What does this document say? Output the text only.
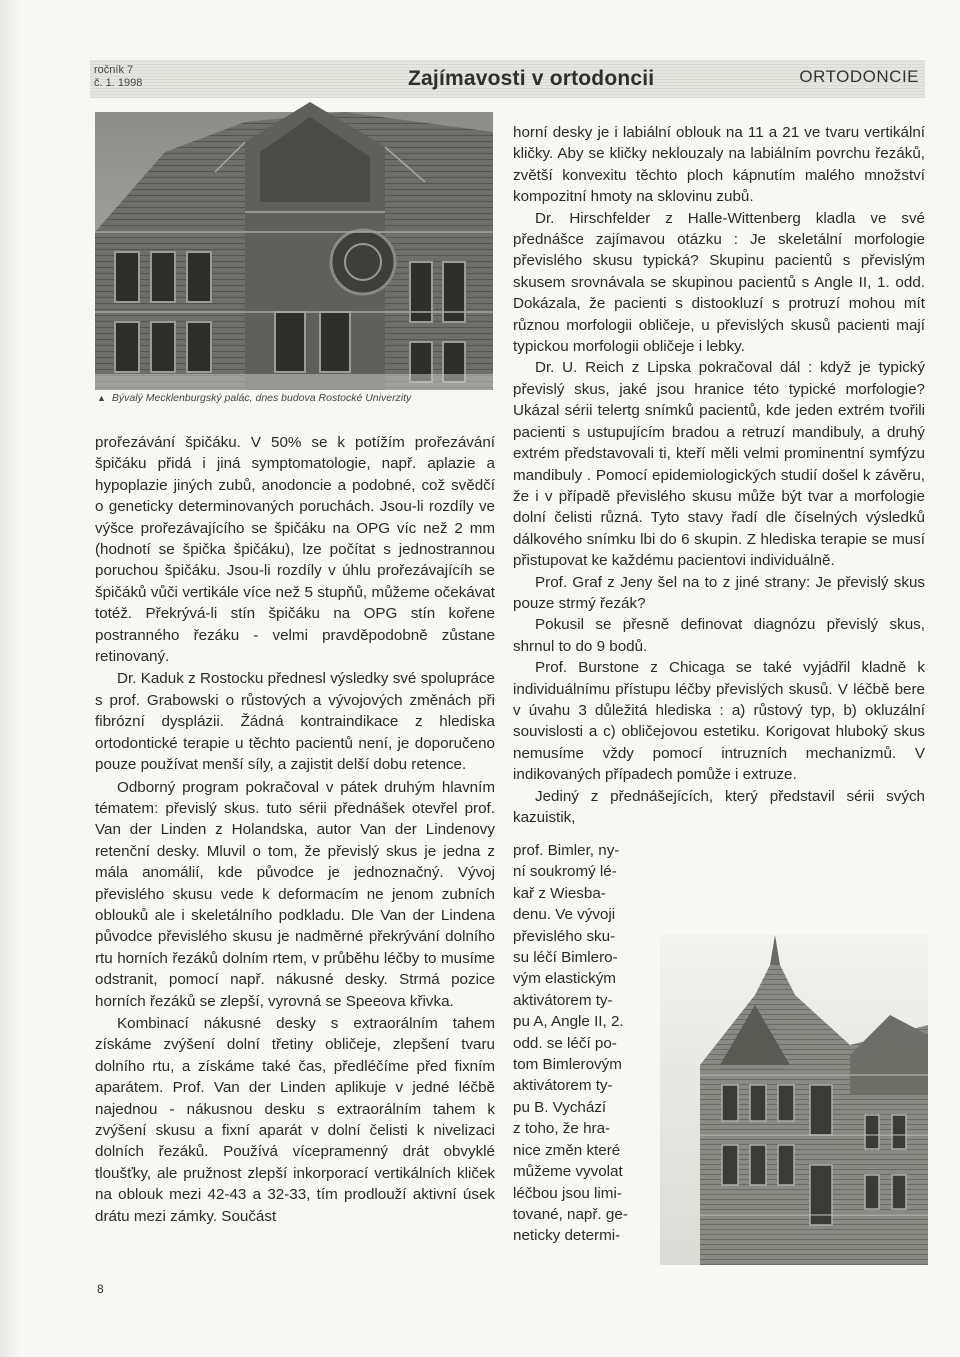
ročník 7
č. 1. 1998	Zajímavosti v ortodoncii	ORTODONCIE
▲ Bývalý Mecklenburgský palác, dnes budova Rostocké Univerzity

prořezávání špičáku. V 50% se k potížím prořezávání špičáku přidá i jiná symptomatologie, např. aplazie a hypoplazie jiných zubů, anodoncie a podobné, což svědčí o geneticky determinovaných poruchách. Jsou-li rozdíly ve výšce prořezávajícího se špičáku na OPG víc než 2 mm (hodnotí se špička špičáku), lze počítat s jednostrannou poruchou špičáku. Jsou-li rozdíly v úhlu prořezávajícíh se špičáků vůči vertikále více než 5 stupňů, můžeme očekávat totéž. Překrývá-li stín špičáku na OPG stín kořene postranného řezáku - velmi pravděpodobně zůstane retinovaný.

Dr. Kaduk z Rostocku přednesl výsledky své spolupráce s prof. Grabowski o růstových a vývojových změnách při fibrózní dysplázii. Žádná kontraindikace z hlediska ortodontické terapie u těchto pacientů není, je doporučeno pouze používat menší síly, a zajistit delší dobu retence.

Odborný program pokračoval v pátek druhým hlavním tématem: převislý skus. tuto sérii přednášek otevřel prof. Van der Linden z Holandska, autor Van der Lindenovy retenční desky. Mluvil o tom, že převislý skus je jedna z mála anomálií, kde původce je jednoznačný. Vývoj převislého skusu vede k deformacím ne jenom zubních oblouků ale i skeletálního podkladu. Dle Van der Lindena původce převislého skusu je nadměrné překrývání dolního rtu horních řezáků dolním rtem, v průběhu léčby to musíme odstranit, pomocí např. nákusné desky. Strmá pozice horních řezáků se zlepší, vyrovná se Speeova křivka.

Kombinací nákusné desky s extraorálním tahem získáme zvýšení dolní třetiny obličeje, zlepšení tvaru dolního rtu, a získáme také čas, předléčíme před fixním aparátem. Prof. Van der Linden aplikuje v jedné léčbě najednou - nákusnou desku s extraorálním tahem k zvýšení skusu a fixní aparát v dolní čelisti k nivelizaci dolních řezáků. Používá vícepramenný drát obvyklé tloušťky, ale pružnost zlepší inkorporací vertikálních kliček na oblouk mezi 42-43 a 32-33, tím prodlouží aktivní úsek drátu mezi zámky. Součást

horní desky je i labiální oblouk na 11 a 21 ve tvaru vertikální kličky. Aby se kličky neklouzaly na labiálním povrchu řezáků, zvětší konvexitu těchto ploch kápnutím malého množství kompozitní hmoty na sklovinu zubů.

Dr. Hirschfelder z Halle-Wittenberg kladla ve své přednášce zajímavou otázku : Je skeletální morfologie převislého skusu typická? Skupinu pacientů s převislým skusem srovnávala se skupinou pacientů s Angle II, 1. odd. Dokázala, že pacienti s distookluzí s protruzí mohou mít různou morfologii obličeje, u převislých skusů pacienti mají typickou morfologii obličeje i lebky.

Dr. U. Reich z Lipska pokračoval dál : když je typický převislý skus, jaké jsou hranice této typické morfologie? Ukázal sérii telertg snímků pacientů, kde jeden extrém tvořili pacienti s ustupujícím bradou a retruzí mandibuly, a druhý extrém představovali ti, kteří měli velmi prominentní symfýzu mandibuly . Pomocí epidemiologických studií došel k závěru, že i v případě převislého skusu může být tvar a morfologie dolní čelisti různá. Tyto stavy řadí dle číselných výsledků dálkového snímku lbi do 6 skupin. Z hlediska terapie se musí přistupovat ke každému pacientovi individuálně.

Prof. Graf z Jeny šel na to z jiné strany: Je převislý skus pouze strmý řezák?

Pokusil se přesně definovat diagnózu převislý skus, shrnul to do 9 bodů.

Prof. Burstone z Chicaga se také vyjádřil kladně k individuálnímu přístupu léčby převislých skusů. V léčbě bere v úvahu 3 důležitá hlediska : a) růstový typ, b) okluzální souvislosti a c) obličejovou estetiku. Korigovat hluboký skus nemusíme vždy pomocí intruzních mechanizmů. V indikovaných případech pomůže i extruze.

Jediný z přednášejících, který představil sérii svých kazuistik,

prof. Bimler, ny-

ní soukromý lé-

kař z Wiesba-

denu. Ve vývoji

převislého sku-

su léčí Bimlero-

vým elastickým

aktivátorem ty-

pu A, Angle II, 2.

odd. se léčí po-

tom Bimlerovým

aktivátorem ty-

pu B. Vychází

z toho, že hra-

nice změn které

můžeme vyvolat

léčbou jsou limi-

tované, např. ge-

neticky determi-

8
